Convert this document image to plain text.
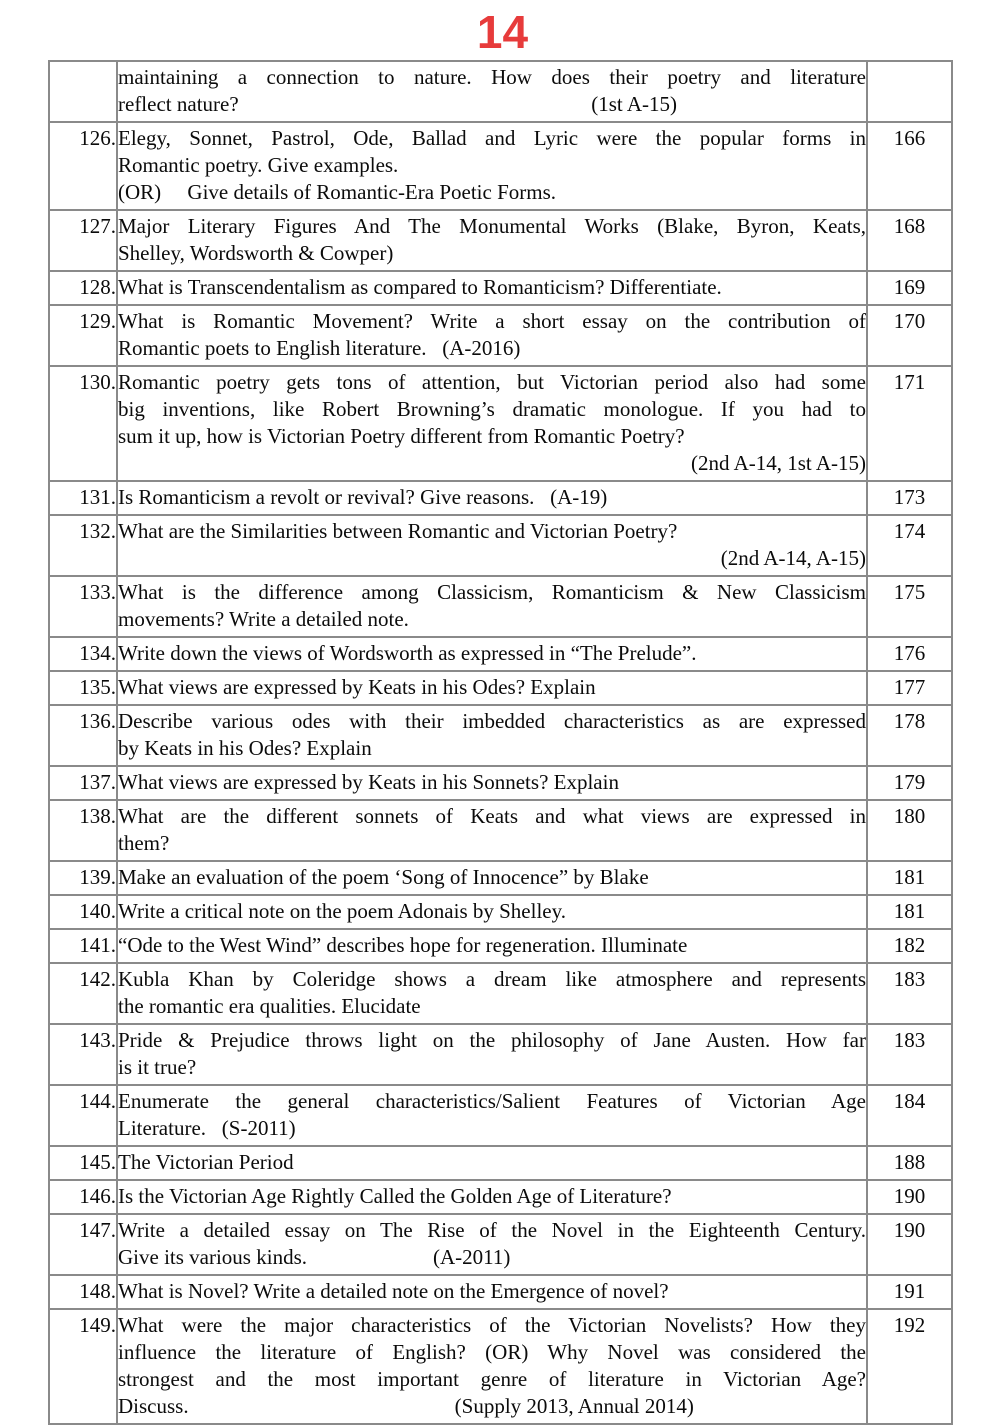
14

	maintaining a connection to nature. How does their poetry and literature
reflect nature? (1st A-15)	

126.	Elegy, Sonnet, Pastrol, Ode, Ballad and Lyric were the popular forms in
Romantic poetry. Give examples.
(OR)  Give details of Romantic-Era Poetic Forms.	166
127.	Major Literary Figures And The Monumental Works (Blake, Byron, Keats,
Shelley, Wordsworth & Cowper)	168
128.	What is Transcendentalism as compared to Romanticism? Differentiate.	169
129.	What is Romantic Movement? Write a short essay on the contribution of
Romantic poets to English literature.  (A-2016)	170
130.	Romantic poetry gets tons of attention, but Victorian period also had some
big inventions, like Robert Browning’s dramatic monologue. If you had to
sum it up, how is Victorian Poetry different from Romantic Poetry?
(2nd A-14, 1st A-15)	171
131.	Is Romanticism a revolt or revival? Give reasons.  (A-19)	173
132.	What are the Similarities between Romantic and Victorian Poetry?
(2nd A-14, A-15)	174
133.	What is the difference among Classicism, Romanticism & New Classicism
movements? Write a detailed note.	175
134.	Write down the views of Wordsworth as expressed in “The Prelude”.	176
135.	What views are expressed by Keats in his Odes? Explain	177
136.	Describe various odes with their imbedded characteristics as are expressed
by Keats in his Odes? Explain	178
137.	What views are expressed by Keats in his Sonnets? Explain	179
138.	What are the different sonnets of Keats and what views are expressed in
them?	180
139.	Make an evaluation of the poem ‘Song of Innocence” by Blake	181
140.	Write a critical note on the poem Adonais by Shelley.	181
141.	“Ode to the West Wind” describes hope for regeneration. Illuminate	182
142.	Kubla Khan by Coleridge shows a dream like atmosphere and represents
the romantic era qualities. Elucidate	183
143.	Pride & Prejudice throws light on the philosophy of Jane Austen. How far
is it true?	183
144.	Enumerate the general characteristics/Salient Features of Victorian Age
Literature.  (S-2011)	184
145.	The Victorian Period	188
146.	Is the Victorian Age Rightly Called the Golden Age of Literature?	190
147.	Write a detailed essay on The Rise of the Novel in the Eighteenth Century.
Give its various kinds.      (A-2011)	190
148.	What is Novel? Write a detailed note on the Emergence of novel?	191
149.	What were the major characteristics of the Victorian Novelists? How they
influence the literature of English? (OR) Why Novel was considered the
strongest and the most important genre of literature in Victorian Age?
Discuss. (Supply 2013, Annual 2014)	192
